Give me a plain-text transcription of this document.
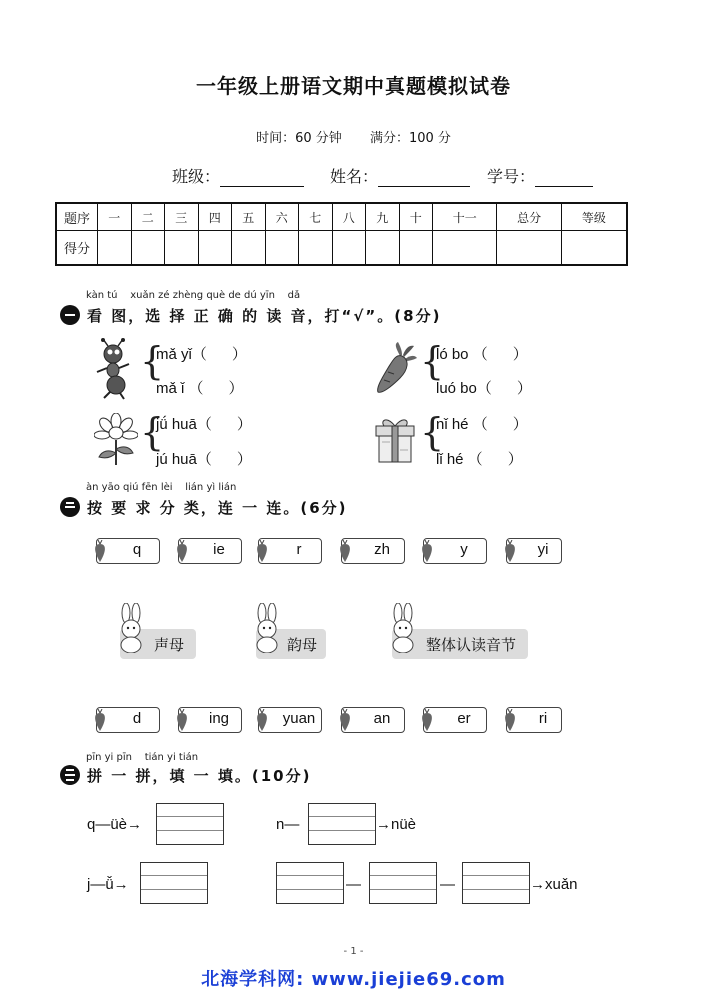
一年级上册语文期中真题模拟试卷
时间：60 分钟 满分：100 分
班级：	姓名：	学号：
题序	一	二	三	四	五	六	七	八	九	十	十一	总分	等级
得分													
kàn tú    xuǎn zé zhèng què de dú yīn    dǎ
看 图，选 择 正 确 的 读 音，打“√”。(8分)
{
mǎ yǐ（      ）
mǎ ǐ （      ）
{
ló bo （      ）
luó bo（      ）
{
jǘ huā（      ）
jú huā（      ）
{
nǐ hé （      ）
lǐ hé （      ）
àn yāo qiú fēn lèi    lián yì lián
按 要 求 分 类，连 一 连。(6分)
q	ie	r	zh	y	yi
声母	韵母	整体认读音节
d	ing	yuan	an	er	ri
pīn yi pīn    tián yi tián
拼 一 拼，填 一 填。(10分)
q—üè→	n—	→nüè
j—ǚ→	—	—	→xuǎn
- 1 -
北海学科网: www.jiejie69.com
